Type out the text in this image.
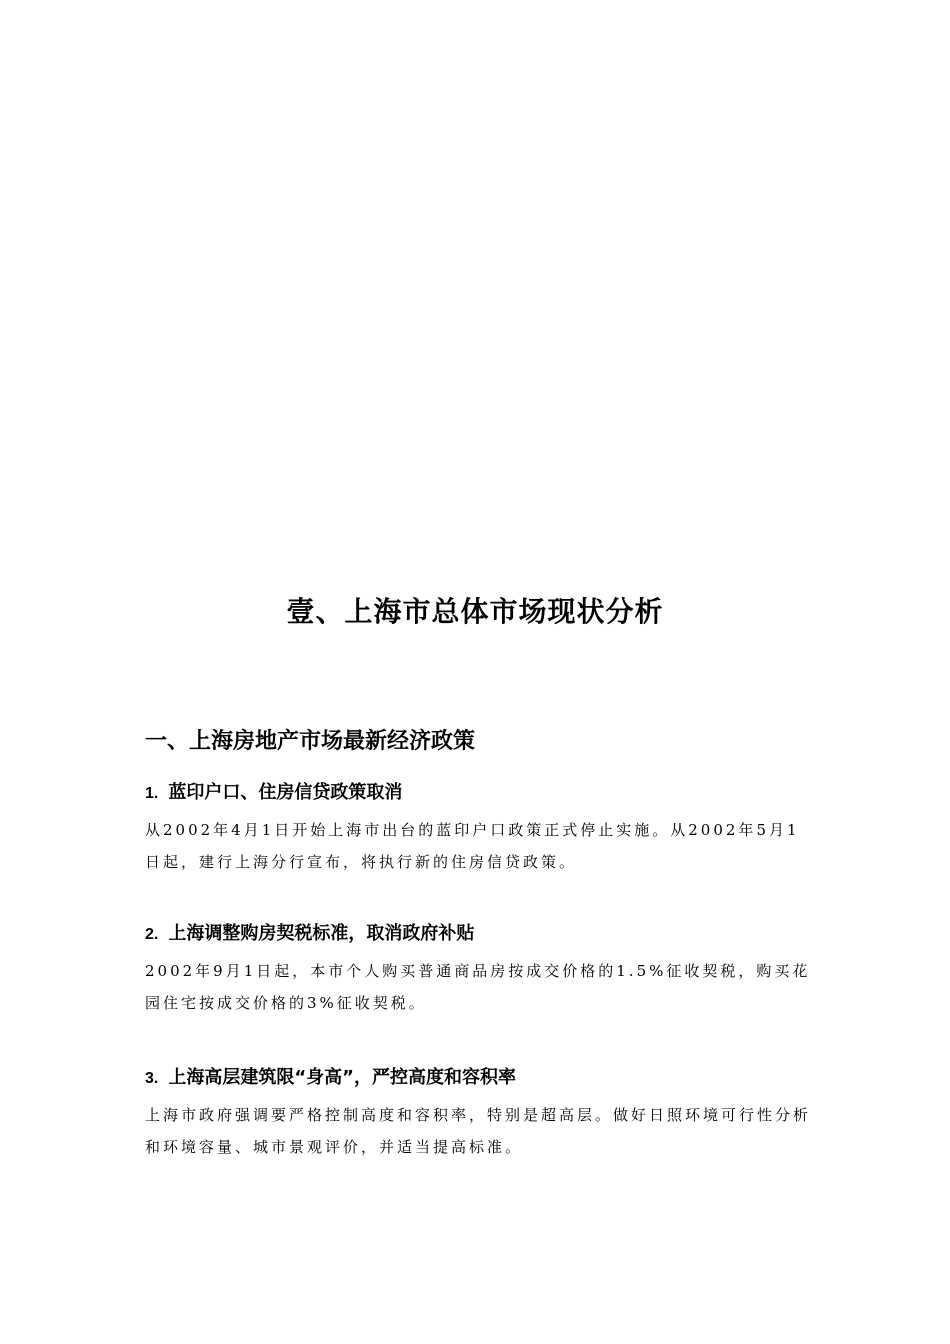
壹、上海市总体市场现状分析
一、上海房地产市场最新经济政策
1. 蓝印户口、住房信贷政策取消

从2002年4月1日开始上海市出台的蓝印户口政策正式停止实施。从2002年5月1日起，建行上海分行宣布，将执行新的住房信贷政策。

2. 上海调整购房契税标准，取消政府补贴

2002年9月1日起，本市个人购买普通商品房按成交价格的1.5%征收契税，购买花园住宅按成交价格的3%征收契税。

3. 上海高层建筑限“身高”，严控高度和容积率

上海市政府强调要严格控制高度和容积率，特别是超高层。做好日照环境可行性分析和环境容量、城市景观评价，并适当提高标准。
